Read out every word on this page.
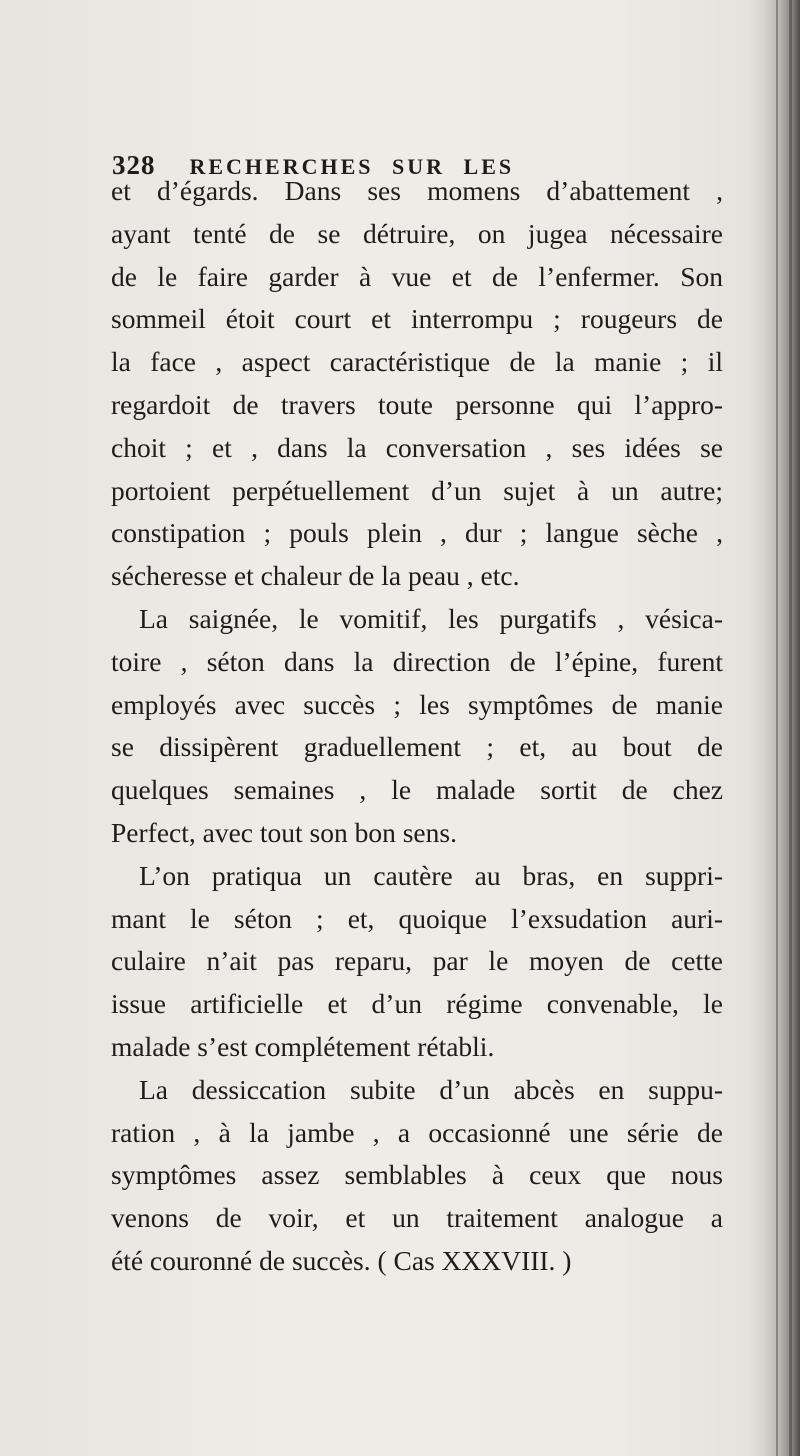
328 RECHERCHES SUR LES
et d’égards. Dans ses momens d’abattement ,
ayant tenté de se détruire, on jugea nécessaire
de le faire garder à vue et de l’enfermer. Son
sommeil étoit court et interrompu ; rougeurs de
la face , aspect caractéristique de la manie ; il
regardoit de travers toute personne qui l’appro-
choit ; et , dans la conversation , ses idées se
portoient perpétuellement d’un sujet à un autre;
constipation ; pouls plein , dur ; langue sèche ,
sécheresse et chaleur de la peau , etc.
La saignée, le vomitif, les purgatifs , vésica-
toire , séton dans la direction de l’épine, furent
employés avec succès ; les symptômes de manie
se dissipèrent graduellement ; et, au bout de
quelques semaines , le malade sortit de chez
Perfect, avec tout son bon sens.
L’on pratiqua un cautère au bras, en suppri-
mant le séton ; et, quoique l’exsudation auri-
culaire n’ait pas reparu, par le moyen de cette
issue artificielle et d’un régime convenable, le
malade s’est complétement rétabli.
La dessiccation subite d’un abcès en suppu-
ration , à la jambe , a occasionné une série de
symptômes assez semblables à ceux que nous
venons de voir, et un traitement analogue a
été couronné de succès. ( Cas XXXVIII. )
